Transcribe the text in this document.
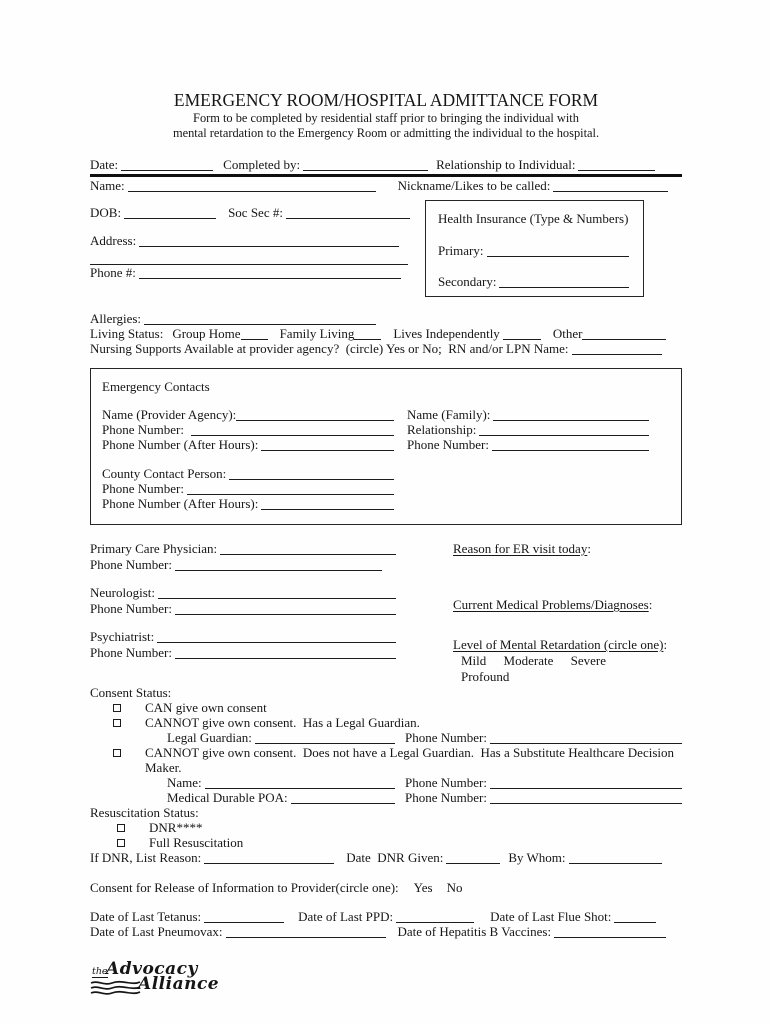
EMERGENCY ROOM/HOSPITAL ADMITTANCE FORM
Form to be completed by residential staff prior to bringing the individual with
mental retardation to the Emergency Room or admitting the individual to the hospital.
Date:	Completed by:	Relationship to Individual:
Name:	Nickname/Likes to be called:
DOB:	Soc Sec #:
Address:
Phone #:
Health Insurance (Type & Numbers)
Primary:
Secondary:
Allergies:
Living Status: Group Home	Family Living	Lives Independently	Other
Nursing Supports Available at provider agency?  (circle) Yes or No;  RN and/or LPN Name:
Emergency Contacts
Name (Provider Agency):	Name (Family):
Phone Number:	Relationship:
Phone Number (After Hours):	Phone Number:
County Contact Person:
Phone Number:
Phone Number (After Hours):
Primary Care Physician:
Phone Number:
Neurologist:
Phone Number:
Psychiatrist:
Phone Number:
Reason for ER visit today:
Current Medical Problems/Diagnoses:
Level of Mental Retardation (circle one):
Mild Moderate Severe Profound
Consent Status:
CAN give own consent
CANNOT give own consent.  Has a Legal Guardian.
Legal Guardian:	Phone Number:
CANNOT give own consent.  Does not have a Legal Guardian.  Has a Substitute Healthcare Decision
Maker.
Name:	Phone Number:
Medical Durable POA:	Phone Number:
Resuscitation Status:
DNR****
Full Resuscitation
If DNR, List Reason:	Date  DNR Given:	By Whom:
Consent for Release of Information to Provider(circle one): Yes No
Date of Last Tetanus:	Date of Last PPD:	Date of Last Flue Shot:
Date of Last Pneumovax:	Date of Hepatitis B Vaccines:
the
Advocacy
Alliance
